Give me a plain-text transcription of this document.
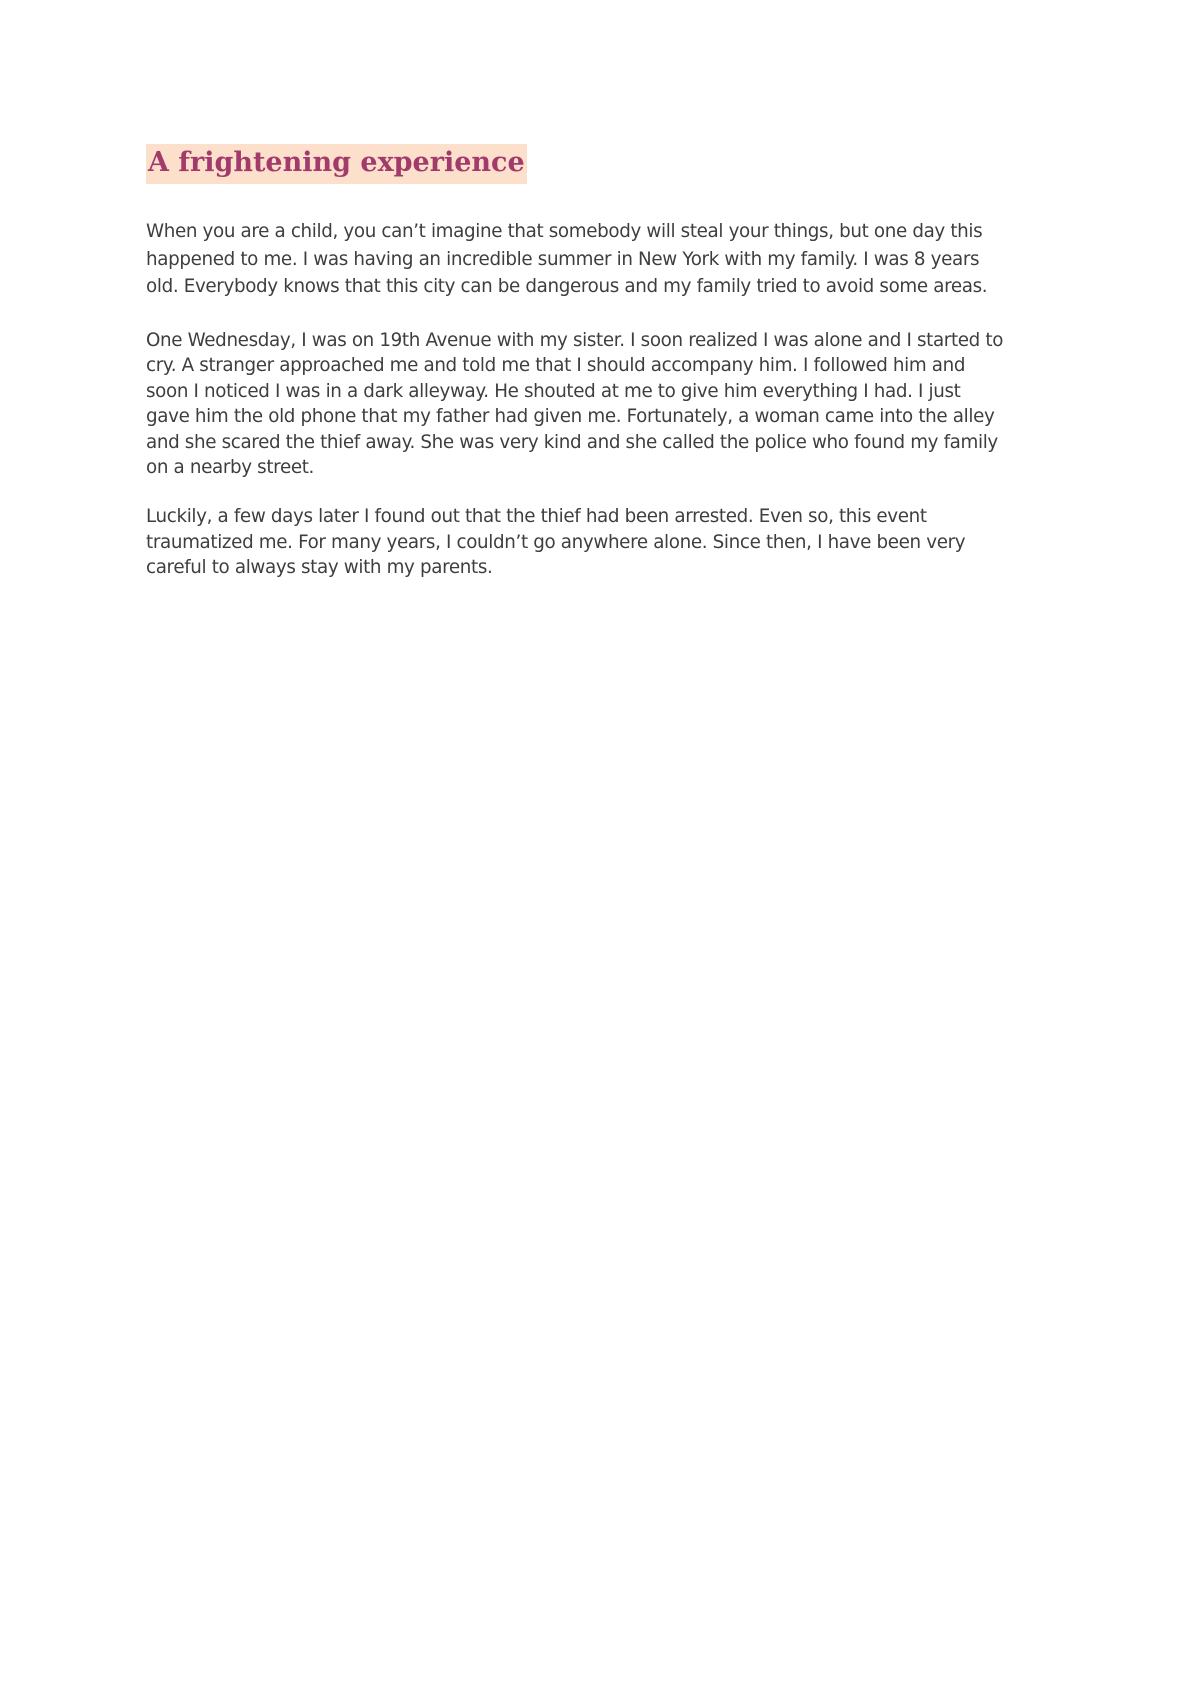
A frightening experience

When you are a child, you can’t imagine that somebody will steal your things, but one day this
happened to me. I was having an incredible summer in New York with my family. I was 8 years
old. Everybody knows that this city can be dangerous and my family tried to avoid some areas.

One Wednesday, I was on 19th Avenue with my sister. I soon realized I was alone and I started to
cry. A stranger approached me and told me that I should accompany him. I followed him and
soon I noticed I was in a dark alleyway. He shouted at me to give him everything I had. I just
gave him the old phone that my father had given me. Fortunately, a woman came into the alley
and she scared the thief away. She was very kind and she called the police who found my family
on a nearby street.

Luckily, a few days later I found out that the thief had been arrested. Even so, this event
traumatized me. For many years, I couldn’t go anywhere alone. Since then, I have been very
careful to always stay with my parents.
